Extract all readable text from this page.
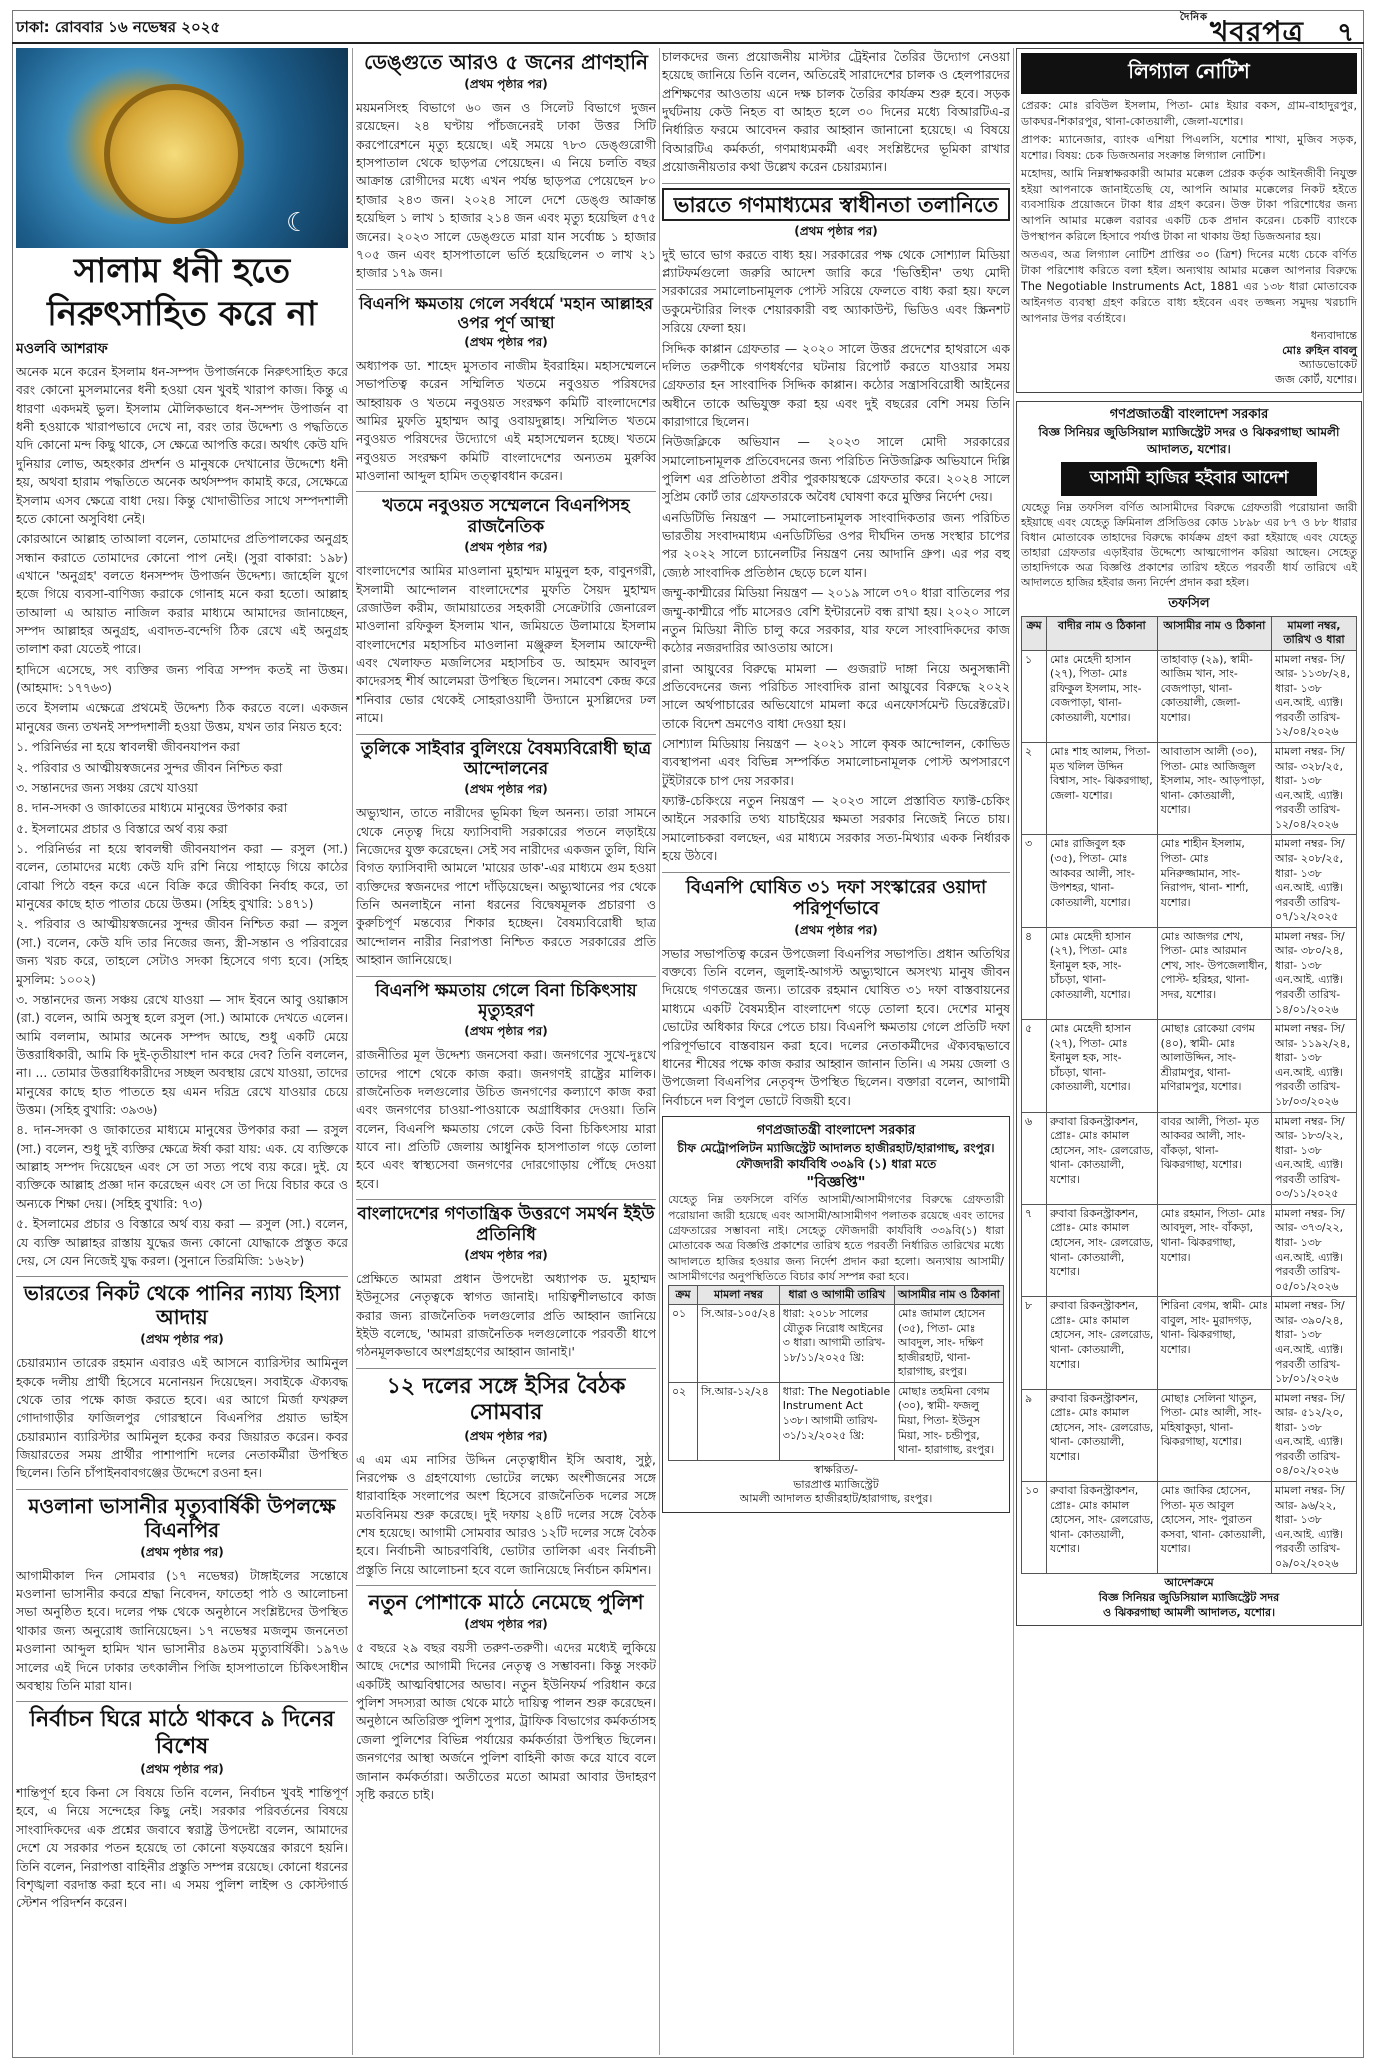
ঢাকা: রোববার ১৬ নভেম্বর ২০২৫
$^{দৈনিক}$খবরপত্র ৭
☾
সালাম ধনী হতে নিরুৎসাহিত করে না
মওলবি আশরাফ

অনেক মনে করেন ইসলাম ধন-সম্পদ উপার্জনকে নিরুৎসাহিত করে বরং কোনো মুসলমানের ধনী হওয়া যেন খুবই খারাপ কাজ। কিন্তু এ ধারণা একদমই ভুল। ইসলাম মৌলিকভাবে ধন-সম্পদ উপার্জন বা ধনী হওয়াকে খারাপভাবে দেখে না, বরং তার উদ্দেশ্য ও পদ্ধতিতে যদি কোনো মন্দ কিছু থাকে, সে ক্ষেত্রে আপত্তি করে। অর্থাৎ কেউ যদি দুনিয়ার লোভ, অহংকার প্রদর্শন ও মানুষকে দেখানোর উদ্দেশ্যে ধনী হয়, অথবা হারাম পদ্ধতিতে অনেক অর্থসম্পদ কামাই করে, সেক্ষেত্রে ইসলাম এসব ক্ষেত্রে বাধা দেয়। কিন্তু খোদাভীতির সাথে সম্পদশালী হতে কোনো অসুবিধা নেই।

কোরআনে আল্লাহ তাআলা বলেন, তোমাদের প্রতিপালকের অনুগ্রহ সন্ধান করাতে তোমাদের কোনো পাপ নেই। (সুরা বাকারা: ১৯৮) এখানে 'অনুগ্রহ' বলতে ধনসম্পদ উপার্জন উদ্দেশ্য। জাহেলি যুগে হজে গিয়ে ব্যবসা-বাণিজ্য করাকে গোনাহ মনে করা হতো। আল্লাহ তাআলা এ আয়াত নাজিল করার মাধ্যমে আমাদের জানাচ্ছেন, সম্পদ আল্লাহর অনুগ্রহ, এবাদত-বন্দেগি ঠিক রেখে এই অনুগ্রহ তালাশ করা যেতেই পারে।

হাদিসে এসেছে, সৎ ব্যক্তির জন্য পবিত্র সম্পদ কতই না উত্তম। (আহমাদ: ১৭৭৬৩)

তবে ইসলাম এক্ষেত্রে প্রথমেই উদ্দেশ্য ঠিক করতে বলে। একজন মানুষের জন্য তখনই সম্পদশালী হওয়া উত্তম, যখন তার নিয়ত হবে:

১. পরিনির্ভর না হয়ে স্বাবলম্বী জীবনযাপন করা

২. পরিবার ও আত্মীয়স্বজনের সুন্দর জীবন নিশ্চিত করা

৩. সন্তানদের জন্য সঞ্চয় রেখে যাওয়া

৪. দান-সদকা ও জাকাতের মাধ্যমে মানুষের উপকার করা

৫. ইসলামের প্রচার ও বিস্তারে অর্থ ব্যয় করা

১. পরিনির্ভর না হয়ে স্বাবলম্বী জীবনযাপন করা — রসুল (সা.) বলেন, তোমাদের মধ্যে কেউ যদি রশি নিয়ে পাহাড়ে গিয়ে কাঠের বোঝা পিঠে বহন করে এনে বিক্রি করে জীবিকা নির্বাহ করে, তা মানুষের কাছে হাত পাতার চেয়ে উত্তম। (সহিহ বুখারি: ১৪৭১)

২. পরিবার ও আত্মীয়স্বজনের সুন্দর জীবন নিশ্চিত করা — রসুল (সা.) বলেন, কেউ যদি তার নিজের জন্য, স্ত্রী-সন্তান ও পরিবারের জন্য খরচ করে, তাহলে সেটাও সদকা হিসেবে গণ্য হবে। (সহিহ মুসলিম: ১০০২)

৩. সন্তানদের জন্য সঞ্চয় রেখে যাওয়া — সাদ ইবনে আবু ওয়াক্কাস (রা.) বলেন, আমি অসুস্থ হলে রসুল (সা.) আমাকে দেখতে এলেন। আমি বললাম, আমার অনেক সম্পদ আছে, শুধু একটি মেয়ে উত্তরাধিকারী, আমি কি দুই-তৃতীয়াংশ দান করে দেব? তিনি বললেন, না। ... তোমার উত্তরাধিকারীদের সচ্ছল অবস্থায় রেখে যাওয়া, তাদের মানুষের কাছে হাত পাততে হয় এমন দরিদ্র রেখে যাওয়ার চেয়ে উত্তম। (সহিহ বুখারি: ৩৯৩৬)

৪. দান-সদকা ও জাকাতের মাধ্যমে মানুষের উপকার করা — রসুল (সা.) বলেন, শুধু দুই ব্যক্তির ক্ষেত্রে ঈর্ষা করা যায়: এক. যে ব্যক্তিকে আল্লাহ সম্পদ দিয়েছেন এবং সে তা সত্য পথে ব্যয় করে। দুই. যে ব্যক্তিকে আল্লাহ প্রজ্ঞা দান করেছেন এবং সে তা দিয়ে বিচার করে ও অন্যকে শিক্ষা দেয়। (সহিহ বুখারি: ৭৩)

৫. ইসলামের প্রচার ও বিস্তারে অর্থ ব্যয় করা — রসুল (সা.) বলেন, যে ব্যক্তি আল্লাহর রাস্তায় যুদ্ধের জন্য কোনো যোদ্ধাকে প্রস্তুত করে দেয়, সে যেন নিজেই যুদ্ধ করল। (সুনানে তিরমিজি: ১৬২৮)

ভারতের নিকট থেকে পানির ন্যায্য হিস্যা আদায়
(প্রথম পৃষ্ঠার পর)
চেয়ারম্যান তারেক রহমান এবারও এই আসনে ব্যারিস্টার আমিনুল হককে দলীয় প্রার্থী হিসেবে মনোনয়ন দিয়েছেন। সবাইকে ঐক্যবদ্ধ থেকে তার পক্ষে কাজ করতে হবে। এর আগে মির্জা ফখরুল গোদাগাড়ীর ফাজিলপুর গোরস্থানে বিএনপির প্রয়াত ভাইস চেয়ারম্যান ব্যারিস্টার আমিনুল হকের কবর জিয়ারত করেন। কবর জিয়ারতের সময় প্রার্থীর পাশাপাশি দলের নেতাকর্মীরা উপস্থিত ছিলেন। তিনি চাঁপাইনবাবগঞ্জের উদ্দেশে রওনা হন।
মওলানা ভাসানীর মৃত্যুবার্ষিকী উপলক্ষে বিএনপির
(প্রথম পৃষ্ঠার পর)
আগামীকাল দিন সোমবার (১৭ নভেম্বর) টাঙ্গাইলের সন্তোষে মওলানা ভাসানীর কবরে শ্রদ্ধা নিবেদন, ফাতেহা পাঠ ও আলোচনা সভা অনুষ্ঠিত হবে। দলের পক্ষ থেকে অনুষ্ঠানে সংশ্লিষ্টদের উপস্থিত থাকার জন্য অনুরোধ জানিয়েছেন। ১৭ নভেম্বর মজলুম জননেতা মওলানা আব্দুল হামিদ খান ভাসানীর ৪৯তম মৃত্যুবার্ষিকী। ১৯৭৬ সালের এই দিনে ঢাকার তৎকালীন পিজি হাসপাতালে চিকিৎসাধীন অবস্থায় তিনি মারা যান।
নির্বাচন ঘিরে মাঠে থাকবে ৯ দিনের বিশেষ
(প্রথম পৃষ্ঠার পর)
শান্তিপূর্ণ হবে কিনা সে বিষয়ে তিনি বলেন, নির্বাচন খুবই শান্তিপূর্ণ হবে, এ নিয়ে সন্দেহের কিছু নেই। সরকার পরিবর্তনের বিষয়ে সাংবাদিকদের এক প্রশ্নের জবাবে স্বরাষ্ট্র উপদেষ্টা বলেন, আমাদের দেশে যে সরকার পতন হয়েছে তা কোনো ষড়যন্ত্রের কারণে হয়নি। তিনি বলেন, নিরাপত্তা বাহিনীর প্রস্তুতি সম্পন্ন রয়েছে। কোনো ধরনের বিশৃঙ্খলা বরদাস্ত করা হবে না। এ সময় পুলিশ লাইন্স ও কোস্টগার্ড স্টেশন পরিদর্শন করেন।
ডেঙ্গুতে আরও ৫ জনের প্রাণহানি
(প্রথম পৃষ্ঠার পর)
ময়মনসিংহ বিভাগে ৬০ জন ও সিলেট বিভাগে দুজন রয়েছেন। ২৪ ঘণ্টায় পাঁচজনেরই ঢাকা উত্তর সিটি করপোরেশনে মৃত্যু হয়েছে। এই সময়ে ৭৮৩ ডেঙ্গুরোগী হাসপাতাল থেকে ছাড়পত্র পেয়েছেন। এ নিয়ে চলতি বছর আক্রান্ত রোগীদের মধ্যে এখন পর্যন্ত ছাড়পত্র পেয়েছেন ৮০ হাজার ২৪৩ জন। ২০২৪ সালে দেশে ডেঙ্গু আক্রান্ত হয়েছিল ১ লাখ ১ হাজার ২১৪ জন এবং মৃত্যু হয়েছিল ৫৭৫ জনের। ২০২৩ সালে ডেঙ্গুতে মারা যান সর্বোচ্চ ১ হাজার ৭০৫ জন এবং হাসপাতালে ভর্তি হয়েছিলেন ৩ লাখ ২১ হাজার ১৭৯ জন।
বিএনপি ক্ষমতায় গেলে সর্বধর্মে 'মহান আল্লাহর ওপর পূর্ণ আস্থা
(প্রথম পৃষ্ঠার পর)
অধ্যাপক ডা. শাহেদ মুসতাব নাজীম ইবরাহিম। মহাসম্মেলনে সভাপতিত্ব করেন সম্মিলিত খতমে নবুওয়ত পরিষদের আহ্বায়ক ও খতমে নবুওয়ত সংরক্ষণ কমিটি বাংলাদেশের আমির মুফতি মুহাম্মদ আবু ওবায়দুল্লাহ। সম্মিলিত খতমে নবুওয়ত পরিষদের উদ্যোগে এই মহাসম্মেলন হচ্ছে। খতমে নবুওয়ত সংরক্ষণ কমিটি বাংলাদেশের অন্যতম মুরুব্বি মাওলানা আব্দুল হামিদ তত্ত্বাবধান করেন।
খতমে নবুওয়ত সম্মেলনে বিএনপিসহ রাজনৈতিক
(প্রথম পৃষ্ঠার পর)
বাংলাদেশের আমির মাওলানা মুহাম্মদ মামুনুল হক, বাবুনগরী, ইসলামী আন্দোলন বাংলাদেশের মুফতি সৈয়দ মুহাম্মদ রেজাউল করীম, জামায়াতের সহকারী সেক্রেটারি জেনারেল মাওলানা রফিকুল ইসলাম খান, জমিয়তে উলামায়ে ইসলাম বাংলাদেশের মহাসচিব মাওলানা মঞ্জুরুল ইসলাম আফেন্দী এবং খেলাফত মজলিসের মহাসচিব ড. আহমদ আবদুল কাদেরসহ শীর্ষ আলেমরা উপস্থিত ছিলেন। সমাবেশ কেন্দ্র করে শনিবার ভোর থেকেই সোহরাওয়ার্দী উদ্যানে মুসল্লিদের ঢল নামে।
তুলিকে সাইবার বুলিংয়ে বৈষম্যবিরোধী ছাত্র আন্দোলনের
(প্রথম পৃষ্ঠার পর)
অভ্যুত্থান, তাতে নারীদের ভূমিকা ছিল অনন্য। তারা সামনে থেকে নেতৃত্ব দিয়ে ফ্যাসিবাদী সরকারের পতনে লড়াইয়ে নিজেদের যুক্ত করেছেন। সেই সব নারীদের একজন তুলি, যিনি বিগত ফ্যাসিবাদী আমলে 'মায়ের ডাক'-এর মাধ্যমে গুম হওয়া ব্যক্তিদের স্বজনদের পাশে দাঁড়িয়েছেন। অভ্যুত্থানের পর থেকে তিনি অনলাইনে নানা ধরনের বিদ্বেষমূলক প্রচারণা ও কুরুচিপূর্ণ মন্তব্যের শিকার হচ্ছেন। বৈষম্যবিরোধী ছাত্র আন্দোলন নারীর নিরাপত্তা নিশ্চিত করতে সরকারের প্রতি আহ্বান জানিয়েছে।
বিএনপি ক্ষমতায় গেলে বিনা চিকিৎসায় মৃত্যুহরণ
(প্রথম পৃষ্ঠার পর)
রাজনীতির মূল উদ্দেশ্য জনসেবা করা। জনগণের সুখে-দুঃখে তাদের পাশে থেকে কাজ করা। জনগণই রাষ্ট্রের মালিক। রাজনৈতিক দলগুলোর উচিত জনগণের কল্যাণে কাজ করা এবং জনগণের চাওয়া-পাওয়াকে অগ্রাধিকার দেওয়া। তিনি বলেন, বিএনপি ক্ষমতায় গেলে কেউ বিনা চিকিৎসায় মারা যাবে না। প্রতিটি জেলায় আধুনিক হাসপাতাল গড়ে তোলা হবে এবং স্বাস্থ্যসেবা জনগণের দোরগোড়ায় পৌঁছে দেওয়া হবে।
বাংলাদেশের গণতান্ত্রিক উত্তরণে সমর্থন ইইউ প্রতিনিধি
(প্রথম পৃষ্ঠার পর)
প্রেক্ষিতে আমরা প্রধান উপদেষ্টা অধ্যাপক ড. মুহাম্মদ ইউনূসের নেতৃত্বকে স্বাগত জানাই। দায়িত্বশীলভাবে কাজ করার জন্য রাজনৈতিক দলগুলোর প্রতি আহ্বান জানিয়ে ইইউ বলেছে, 'আমরা রাজনৈতিক দলগুলোকে পরবর্তী ধাপে গঠনমূলকভাবে অংশগ্রহণের আহ্বান জানাই।'
১২ দলের সঙ্গে ইসির বৈঠক সোমবার
(প্রথম পৃষ্ঠার পর)
এ এম এম নাসির উদ্দিন নেতৃত্বাধীন ইসি অবাধ, সুষ্ঠু, নিরপেক্ষ ও গ্রহণযোগ্য ভোটের লক্ষ্যে অংশীজনের সঙ্গে ধারাবাহিক সংলাপের অংশ হিসেবে রাজনৈতিক দলের সঙ্গে মতবিনিময় শুরু করেছে। দুই দফায় ২৪টি দলের সঙ্গে বৈঠক শেষ হয়েছে। আগামী সোমবার আরও ১২টি দলের সঙ্গে বৈঠক হবে। নির্বাচনী আচরণবিধি, ভোটার তালিকা এবং নির্বাচনী প্রস্তুতি নিয়ে আলোচনা হবে বলে জানিয়েছে নির্বাচন কমিশন।
নতুন পোশাকে মাঠে নেমেছে পুলিশ
(প্রথম পৃষ্ঠার পর)
৫ বছরে ২৯ বছর বয়সী তরুণ-তরুণী। এদের মধ্যেই লুকিয়ে আছে দেশের আগামী দিনের নেতৃত্ব ও সম্ভাবনা। কিন্তু সংকট একটিই আত্মবিশ্বাসের অভাব। নতুন ইউনিফর্ম পরিধান করে পুলিশ সদস্যরা আজ থেকে মাঠে দায়িত্ব পালন শুরু করেছেন। অনুষ্ঠানে অতিরিক্ত পুলিশ সুপার, ট্রাফিক বিভাগের কর্মকর্তাসহ জেলা পুলিশের বিভিন্ন পর্যায়ের কর্মকর্তারা উপস্থিত ছিলেন। জনগণের আস্থা অর্জনে পুলিশ বাহিনী কাজ করে যাবে বলে জানান কর্মকর্তারা। অতীতের মতো আমরা আবার উদাহরণ সৃষ্টি করতে চাই।
চালকদের জন্য প্রয়োজনীয় মাস্টার ট্রেইনার তৈরির উদ্যোগ নেওয়া হয়েছে জানিয়ে তিনি বলেন, অতিরেই সারাদেশের চালক ও হেলপারদের প্রশিক্ষণের আওতায় এনে দক্ষ চালক তৈরির কার্যক্রম শুরু হবে। সড়ক দুর্ঘটনায় কেউ নিহত বা আহত হলে ৩০ দিনের মধ্যে বিআরটিএ-র নির্ধারিত ফরমে আবেদন করার আহ্বান জানানো হয়েছে। এ বিষয়ে বিআরটিএ কর্মকর্তা, গণমাধ্যমকর্মী এবং সংশ্লিষ্টদের ভূমিকা রাখার প্রয়োজনীয়তার কথা উল্লেখ করেন চেয়ারম্যান।
ভারতে গণমাধ্যমের স্বাধীনতা তলানিতে
(প্রথম পৃষ্ঠার পর)

দুই ভাবে ভাগ করতে বাধ্য হয়। সরকারের পক্ষ থেকে সোশ্যাল মিডিয়া প্ল্যাটফর্মগুলো জরুরি আদেশ জারি করে 'ভিত্তিহীন' তথ্য মোদী সরকারের সমালোচনামূলক পোস্ট সরিয়ে ফেলতে বাধ্য করা হয়। ফলে ডকুমেন্টারির লিংক শেয়ারকারী বহু অ্যাকাউন্ট, ভিডিও এবং স্ক্রিনশট সরিয়ে ফেলা হয়।

সিদ্দিক কাপ্পান গ্রেফতার — ২০২০ সালে উত্তর প্রদেশের হাথরাসে এক দলিত তরুণীকে গণধর্ষণের ঘটনায় রিপোর্ট করতে যাওয়ার সময় গ্রেফতার হন সাংবাদিক সিদ্দিক কাপ্পান। কঠোর সন্ত্রাসবিরোধী আইনের অধীনে তাকে অভিযুক্ত করা হয় এবং দুই বছরের বেশি সময় তিনি কারাগারে ছিলেন।

নিউজক্লিকে অভিযান — ২০২৩ সালে মোদী সরকারের সমালোচনামূলক প্রতিবেদনের জন্য পরিচিত নিউজক্লিক অভিযানে দিল্লি পুলিশ এর প্রতিষ্ঠাতা প্রবীর পুরকায়স্থকে গ্রেফতার করে। ২০২৪ সালে সুপ্রিম কোর্ট তার গ্রেফতারকে অবৈধ ঘোষণা করে মুক্তির নির্দেশ দেয়।

এনডিটিভি নিয়ন্ত্রণ — সমালোচনামূলক সাংবাদিকতার জন্য পরিচিত ভারতীয় সংবাদমাধ্যম এনডিটিভির ওপর দীর্ঘদিন তদন্ত সংস্থার চাপের পর ২০২২ সালে চ্যানেলটির নিয়ন্ত্রণ নেয় আদানি গ্রুপ। এর পর বহু জ্যেষ্ঠ সাংবাদিক প্রতিষ্ঠান ছেড়ে চলে যান।

জম্মু-কাশ্মীরের মিডিয়া নিয়ন্ত্রণ — ২০১৯ সালে ৩৭০ ধারা বাতিলের পর জম্মু-কাশ্মীরে পাঁচ মাসেরও বেশি ইন্টারনেট বন্ধ রাখা হয়। ২০২০ সালে নতুন মিডিয়া নীতি চালু করে সরকার, যার ফলে সাংবাদিকদের কাজ কঠোর নজরদারির আওতায় আসে।

রানা আয়ুবের বিরুদ্ধে মামলা — গুজরাট দাঙ্গা নিয়ে অনুসন্ধানী প্রতিবেদনের জন্য পরিচিত সাংবাদিক রানা আয়ুবের বিরুদ্ধে ২০২২ সালে অর্থপাচারের অভিযোগে মামলা করে এনফোর্সমেন্ট ডিরেক্টরেট। তাকে বিদেশ ভ্রমণেও বাধা দেওয়া হয়।

সোশ্যাল মিডিয়ায় নিয়ন্ত্রণ — ২০২১ সালে কৃষক আন্দোলন, কোভিড ব্যবস্থাপনা এবং বিভিন্ন সম্পর্কিত সমালোচনামূলক পোস্ট অপসারণে টুইটারকে চাপ দেয় সরকার।

ফ্যাক্ট-চেকিংয়ে নতুন নিয়ন্ত্রণ — ২০২৩ সালে প্রস্তাবিত ফ্যাক্ট-চেকিং আইনে সরকারি তথ্য যাচাইয়ের ক্ষমতা সরকার নিজেই নিতে চায়। সমালোচকরা বলছেন, এর মাধ্যমে সরকার সত্য-মিথ্যার একক নির্ধারক হয়ে উঠবে।

বিএনপি ঘোষিত ৩১ দফা সংস্কারের ওয়াদা পরিপূর্ণভাবে
(প্রথম পৃষ্ঠার পর)
সভার সভাপতিত্ব করেন উপজেলা বিএনপির সভাপতি। প্রধান অতিথির বক্তব্যে তিনি বলেন, জুলাই-আগস্ট অভ্যুত্থানে অসংখ্য মানুষ জীবন দিয়েছে গণতন্ত্রের জন্য। তারেক রহমান ঘোষিত ৩১ দফা বাস্তবায়নের মাধ্যমে একটি বৈষম্যহীন বাংলাদেশ গড়ে তোলা হবে। দেশের মানুষ ভোটের অধিকার ফিরে পেতে চায়। বিএনপি ক্ষমতায় গেলে প্রতিটি দফা পরিপূর্ণভাবে বাস্তবায়ন করা হবে। দলের নেতাকর্মীদের ঐক্যবদ্ধভাবে ধানের শীষের পক্ষে কাজ করার আহ্বান জানান তিনি। এ সময় জেলা ও উপজেলা বিএনপির নেতৃবৃন্দ উপস্থিত ছিলেন। বক্তারা বলেন, আগামী নির্বাচনে দল বিপুল ভোটে বিজয়ী হবে।
গণপ্রজাতন্ত্রী বাংলাদেশ সরকার
চীফ মেট্রোপলিটন ম্যাজিস্ট্রেট আদালত হাজীরহাট/হারাগাছ, রংপুর।
ফৌজদারী কার্যবিধি ৩৩৯বি (১) ধারা মতে
"বিজ্ঞপ্তি"
যেহেতু নিম্ন তফসিলে বর্ণিত আসামী/আসামীগণের বিরুদ্ধে গ্রেফতারী পরোয়ানা জারী হয়েছে এবং আসামী/আসামীগণ পলাতক রয়েছে এবং তাদের গ্রেফতারের সম্ভাবনা নাই। সেহেতু ফৌজদারী কার্যবিধি ৩৩৯বি(১) ধারা মোতাবেক অত্র বিজ্ঞপ্তি প্রকাশের তারিখ হতে পরবর্তী নির্ধারিত তারিখের মধ্যে আদালতে হাজির হওয়ার জন্য নির্দেশ প্রদান করা হলো। অন্যথায় আসামী/আসামীগণের অনুপস্থিতিতে বিচার কার্য সম্পন্ন করা হবে।
ক্রম	মামলা নম্বর	ধারা ও আগামী তারিখ	আসামীর নাম ও ঠিকানা
০১	সি.আর-১০৫/২৪	ধারা: ২০১৮ সালের যৌতুক নিরোধ আইনের ৩ ধারা। আগামী তারিখ- ১৮/১১/২০২৫ খ্রি:	মোঃ জামাল হোসেন (৩৫), পিতা- মোঃ আবদুল, সাং- দক্ষিণ হাজীরহাট, থানা- হারাগাছ, রংপুর।
০২	সি.আর-১২/২৪	ধারা: The Negotiable Instrument Act ১৩৮। আগামী তারিখ- ৩১/১২/২০২৫ খ্রি:	মোছাঃ তহমিনা বেগম (৩০), স্বামী- ফজলু মিয়া, পিতা- ইউনুস মিয়া, সাং- চন্ডীপুর, থানা- হারাগাছ, রংপুর।
স্বাক্ষরিত/-
ভারপ্রাপ্ত ম্যাজিস্ট্রেট
আমলী আদালত হাজীরহাট/হারাগাছ, রংপুর।
লিগ্যাল নোটিশ

প্রেরক: মোঃ রবিউল ইসলাম, পিতা- মোঃ ইয়ার বকস, গ্রাম-বাহাদুরপুর, ডাকঘর-শিকারপুর, থানা-কোতয়ালী, জেলা-যশোর।

প্রাপক: ম্যানেজার, ব্যাংক এশিয়া পিএলসি, যশোর শাখা, মুজিব সড়ক, যশোর। বিষয়: চেক ডিজঅনার সংক্রান্ত লিগ্যাল নোটিশ।

মহোদয়, আমি নিম্নস্বাক্ষরকারী আমার মক্কেল প্রেরক কর্তৃক আইনজীবী নিযুক্ত হইয়া আপনাকে জানাইতেছি যে, আপনি আমার মক্কেলের নিকট হইতে ব্যবসায়িক প্রয়োজনে টাকা ধার গ্রহণ করেন। উক্ত টাকা পরিশোধের জন্য আপনি আমার মক্কেল বরাবর একটি চেক প্রদান করেন। চেকটি ব্যাংকে উপস্থাপন করিলে হিসাবে পর্যাপ্ত টাকা না থাকায় উহা ডিজঅনার হয়।

অতএব, অত্র লিগ্যাল নোটিশ প্রাপ্তির ৩০ (ত্রিশ) দিনের মধ্যে চেকে বর্ণিত টাকা পরিশোধ করিতে বলা হইল। অন্যথায় আমার মক্কেল আপনার বিরুদ্ধে The Negotiable Instruments Act, 1881 এর ১৩৮ ধারা মোতাবেক আইনগত ব্যবস্থা গ্রহণ করিতে বাধ্য হইবেন এবং তজ্জন্য সমুদয় খরচাদি আপনার উপর বর্তাইবে।

ধন্যবাদান্তে
মোঃ রুহিন বাবলু
অ্যাডভোকেট
জজ কোর্ট, যশোর।
গণপ্রজাতন্ত্রী বাংলাদেশ সরকার
বিজ্ঞ সিনিয়র জুডিসিয়াল ম্যাজিস্ট্রেট সদর ও ঝিকরগাছা আমলী আদালত, যশোর।
আসামী হাজির হইবার আদেশ
যেহেতু নিম্ন তফসিল বর্ণিত আসামীদের বিরুদ্ধে গ্রেফতারী পরোয়ানা জারী হইয়াছে এবং যেহেতু ক্রিমিনাল প্রসিডিওর কোড ১৮৯৮ এর ৮৭ ও ৮৮ ধারার বিধান মোতাবেক তাহাদের বিরুদ্ধে কার্যক্রম গ্রহণ করা হইয়াছে এবং যেহেতু তাহারা গ্রেফতার এড়াইবার উদ্দেশ্যে আত্মগোপন করিয়া আছেন। সেহেতু তাহাদিগকে অত্র বিজ্ঞপ্তি প্রকাশের তারিখ হইতে পরবর্তী ধার্য তারিখে এই আদালতে হাজির হইবার জন্য নির্দেশ প্রদান করা হইল।
তফসিল
ক্রম	বাদীর নাম ও ঠিকানা	আসামীর নাম ও ঠিকানা	মামলা নম্বর, তারিখ ও ধারা
১	মোঃ মেহেদী হাসান (২৭), পিতা- মোঃ রফিকুল ইসলাম, সাং- বেজপাড়া, থানা- কোতয়ালী, যশোর।	তাহাবাড় (২৯), স্বামী- আজিম খান, সাং- বেজপাড়া, থানা- কোতয়ালী, জেলা- যশোর।	মামলা নম্বর- সি/আর- ১১৩৮/২৪, ধারা- ১৩৮ এন.আই. এ্যাক্ট। পরবর্তী তারিখ- ১২/০৪/২০২৬
২	মোঃ শাহ আলম, পিতা- মৃত খলিল উদ্দিন বিশ্বাস, সাং- ঝিকরগাছা, জেলা- যশোর।	আবাতাস আলী (৩০), পিতা- মোঃ আজিজুল ইসলাম, সাং- আড়পাড়া, থানা- কোতয়ালী, যশোর।	মামলা নম্বর- সি/আর- ৩২৮/২৫, ধারা- ১৩৮ এন.আই. এ্যাক্ট। পরবর্তী তারিখ- ১২/০৪/২০২৬
৩	মোঃ রাজিবুল হক (৩৫), পিতা- মোঃ আকবর আলী, সাং- উপশহর, থানা- কোতয়ালী, যশোর।	মোঃ শাহীন ইসলাম, পিতা- মোঃ মনিরুজ্জামান, সাং- নিরাপদ, থানা- শার্শা, যশোর।	মামলা নম্বর- সি/আর- ২০৮/২৫, ধারা- ১৩৮ এন.আই. এ্যাক্ট। পরবর্তী তারিখ- ০৭/১২/২০২৫
৪	মোঃ মেহেদী হাসান (২৭), পিতা- মোঃ ইনামুল হক, সাং- চাঁচড়া, থানা- কোতয়ালী, যশোর।	মোঃ আজগর শেখ, পিতা- মোঃ আরমান শেখ, সাং- উপজেলাধীন, পোস্ট- হরিহর, থানা- সদর, যশোর।	মামলা নম্বর- সি/আর- ৩৮০/২৪, ধারা- ১৩৮ এন.আই. এ্যাক্ট। পরবর্তী তারিখ- ১৪/০১/২০২৬
৫	মোঃ মেহেদী হাসান (২৭), পিতা- মোঃ ইনামুল হক, সাং- চাঁচড়া, থানা- কোতয়ালী, যশোর।	মোছাঃ রোকেয়া বেগম (৪০), স্বামী- মোঃ আলাউদ্দিন, সাং- শ্রীরামপুর, থানা- মণিরামপুর, যশোর।	মামলা নম্বর- সি/আর- ১১৯২/২৪, ধারা- ১৩৮ এন.আই. এ্যাক্ট। পরবর্তী তারিখ- ১৮/০৩/২০২৬
৬	রুবাবা রিকনস্ট্রাকশন, প্রোঃ- মোঃ কামাল হোসেন, সাং- রেলরোড, থানা- কোতয়ালী, যশোর।	বাবর আলী, পিতা- মৃত আকবর আলী, সাং- বাঁকড়া, থানা- ঝিকরগাছা, যশোর।	মামলা নম্বর- সি/আর- ১৮৩/২২, ধারা- ১৩৮ এন.আই. এ্যাক্ট। পরবর্তী তারিখ- ০৩/১১/২০২৫
৭	রুবাবা রিকনস্ট্রাকশন, প্রোঃ- মোঃ কামাল হোসেন, সাং- রেলরোড, থানা- কোতয়ালী, যশোর।	মোঃ রহমান, পিতা- মোঃ আবদুল, সাং- বাঁকড়া, থানা- ঝিকরগাছা, যশোর।	মামলা নম্বর- সি/আর- ৩৭৩/২২, ধারা- ১৩৮ এন.আই. এ্যাক্ট। পরবর্তী তারিখ- ০৫/০১/২০২৬
৮	রুবাবা রিকনস্ট্রাকশন, প্রোঃ- মোঃ কামাল হোসেন, সাং- রেলরোড, থানা- কোতয়ালী, যশোর।	শিরিনা বেগম, স্বামী- মোঃ বাবুল, সাং- মুরাদগড়, থানা- ঝিকরগাছা, যশোর।	মামলা নম্বর- সি/আর- ৩৯০/২৪, ধারা- ১৩৮ এন.আই. এ্যাক্ট। পরবর্তী তারিখ- ১৮/০১/২০২৬
৯	রুবাবা রিকনস্ট্রাকশন, প্রোঃ- মোঃ কামাল হোসেন, সাং- রেলরোড, থানা- কোতয়ালী, যশোর।	মোছাঃ সেলিনা খাতুন, পিতা- মোঃ আলী, সাং- মহিষাকুড়া, থানা- ঝিকরগাছা, যশোর।	মামলা নম্বর- সি/আর- ৫১২/২০, ধারা- ১৩৮ এন.আই. এ্যাক্ট। পরবর্তী তারিখ- ০৪/০২/২০২৬
১০	রুবাবা রিকনস্ট্রাকশন, প্রোঃ- মোঃ কামাল হোসেন, সাং- রেলরোড, থানা- কোতয়ালী, যশোর।	মোঃ জাকির হোসেন, পিতা- মৃত আবুল হোসেন, সাং- পুরাতন কসবা, থানা- কোতয়ালী, যশোর।	মামলা নম্বর- সি/আর- ৯৬/২২, ধারা- ১৩৮ এন.আই. এ্যাক্ট। পরবর্তী তারিখ- ০৯/০২/২০২৬
আদেশক্রমে
বিজ্ঞ সিনিয়র জুডিসিয়াল ম্যাজিস্ট্রেট সদর
ও ঝিকরগাছা আমলী আদালত, যশোর।
